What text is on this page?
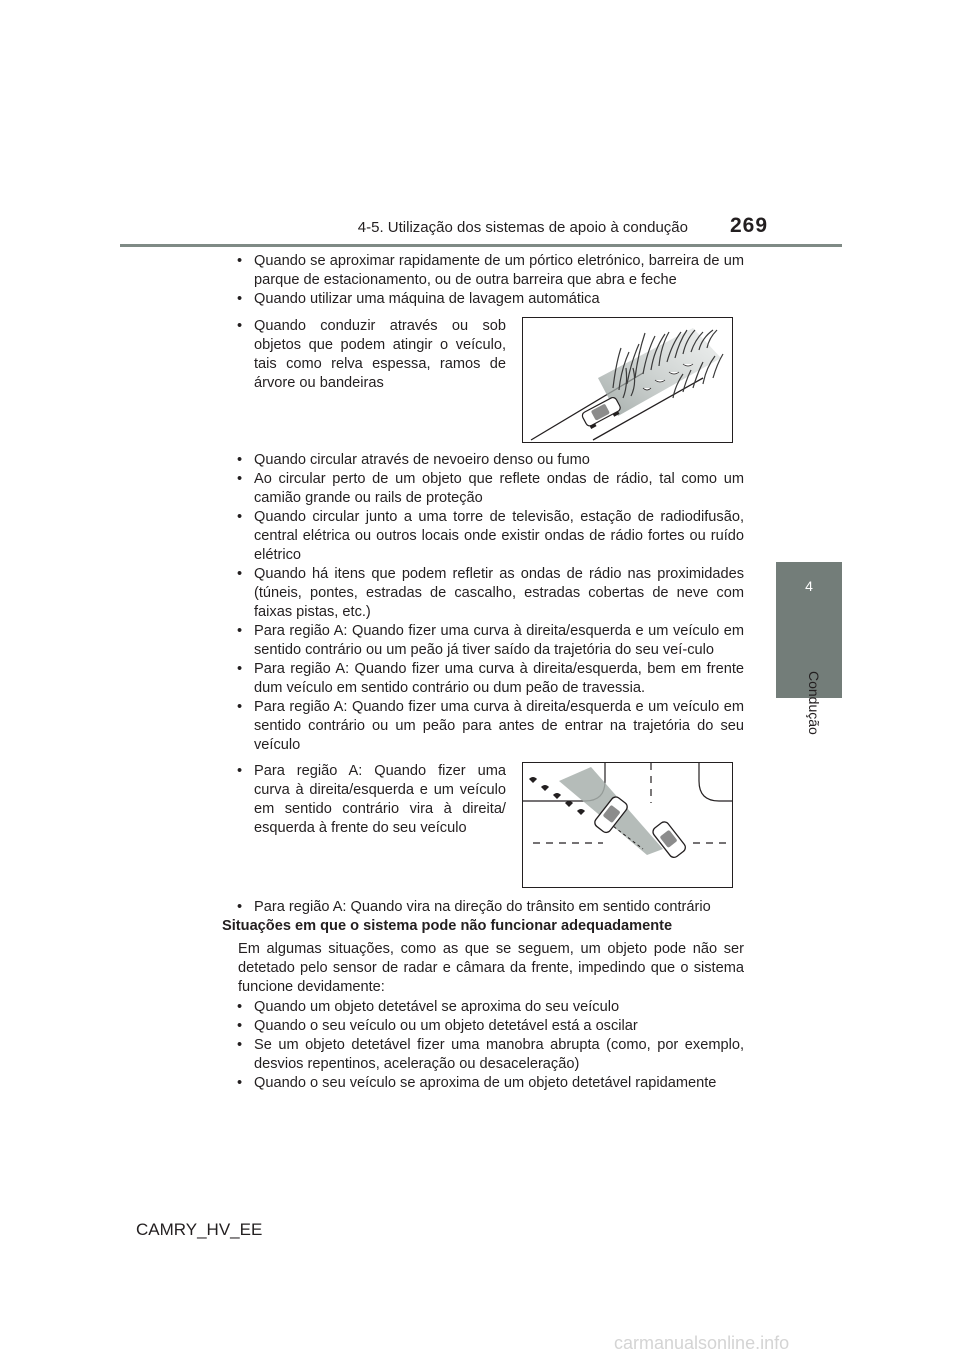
4-5. Utilização dos sistemas de apoio à condução 269
4
Condução
• Quando se aproximar rapidamente de um pórtico eletrónico, barreira de um parque de estacionamento, ou de outra barreira que abra e feche
• Quando utilizar uma máquina de lavagem automática
• Quando conduzir através ou sob objetos que podem atingir o veículo, tais como relva espessa, ramos de árvore ou bandeiras
• Quando circular através de nevoeiro denso ou fumo
• Ao circular perto de um objeto que reflete ondas de rádio, tal como um camião grande ou rails de proteção
• Quando circular junto a uma torre de televisão, estação de radiodifusão, central elétrica ou outros locais onde existir ondas de rádio fortes ou ruído elétrico
• Quando há itens que podem refletir as ondas de rádio nas proximidades (túneis, pontes, estradas de cascalho, estradas cobertas de neve com faixas pistas, etc.)
• Para região A: Quando fizer uma curva à direita/esquerda e um veículo em sentido contrário ou um peão já tiver saído da trajetória do seu veí-culo
• Para região A: Quando fizer uma curva à direita/esquerda, bem em frente dum veículo em sentido contrário ou dum peão de travessia.
• Para região A: Quando fizer uma curva à direita/esquerda e um veículo em sentido contrário ou um peão para antes de entrar na trajetória do seu veículo
• Para região A: Quando fizer uma curva à direita/esquerda e um veículo em sentido contrário vira à direita/ esquerda à frente do seu veículo
• Para região A: Quando vira na direção do trânsito em sentido contrário
Situações em que o sistema pode não funcionar adequadamente
Em algumas situações, como as que se seguem, um objeto pode não ser detetado pelo sensor de radar e câmara da frente, impedindo que o sistema funcione devidamente:
• Quando um objeto detetável se aproxima do seu veículo
• Quando o seu veículo ou um objeto detetável está a oscilar
• Se um objeto detetável fizer uma manobra abrupta (como, por exemplo, desvios repentinos, aceleração ou desaceleração)
• Quando o seu veículo se aproxima de um objeto detetável rapidamente
CAMRY_HV_EE
carmanualsonline.info
